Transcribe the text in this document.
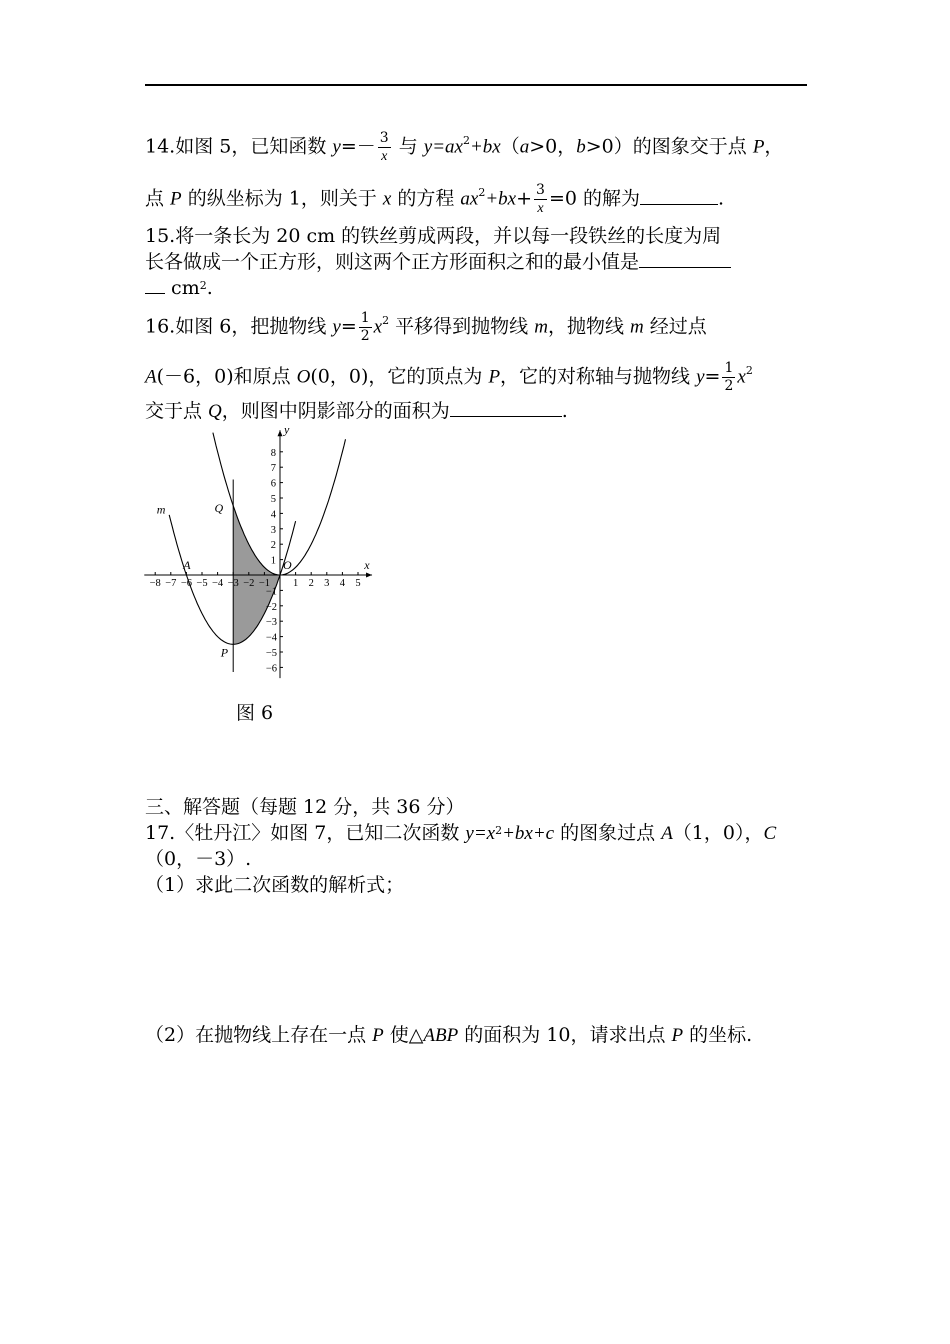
14.如图 5，已知函数 $y=- \frac{3}{x}$ 与 $y=ax^2+bx(a>0$，b>0）的图象交于点 P，
点 P 的纵坐标为 1，则关于 x 的方程 $ax^2+bx+ \frac{3}{x} =0$ 的解为	.
15.将一条长为 20 cm 的铁丝剪成两段，并以每一段铁丝的长度为周
长各做成一个正方形，则这两个正方形面积之和的最小值是
$cm^2$.
16.如图 6，把抛物线 $y= \frac{1}{2} x^2$ 平移得到抛物线 m，抛物线 m 经过点
A(－6，0)和原点 O(0，0)，它的顶点为 P，它的对称轴与抛物线 $y= \frac{1}{2} x^2$
交于点 Q，则图中阴影部分的面积为	.
−8 −7 −6 −5 −4 −3 −2 −1 1 2 3 4 5
8
7
6
5
4
3
2
1
−1
−2
−3
−4
−5
−6
x
y
m	Q
A	O
P
图 6
三、解答题（每题 12 分，共 36 分）
17.〈牡丹江〉如图 7，已知二次函数 $y=x^2+bx+c$ 的图象过点 A（1，0），C
（0，－3）.
（1）求此二次函数的解析式；
（2）在抛物线上存在一点 P 使△ABP 的面积为 10，请求出点 P 的坐标.
